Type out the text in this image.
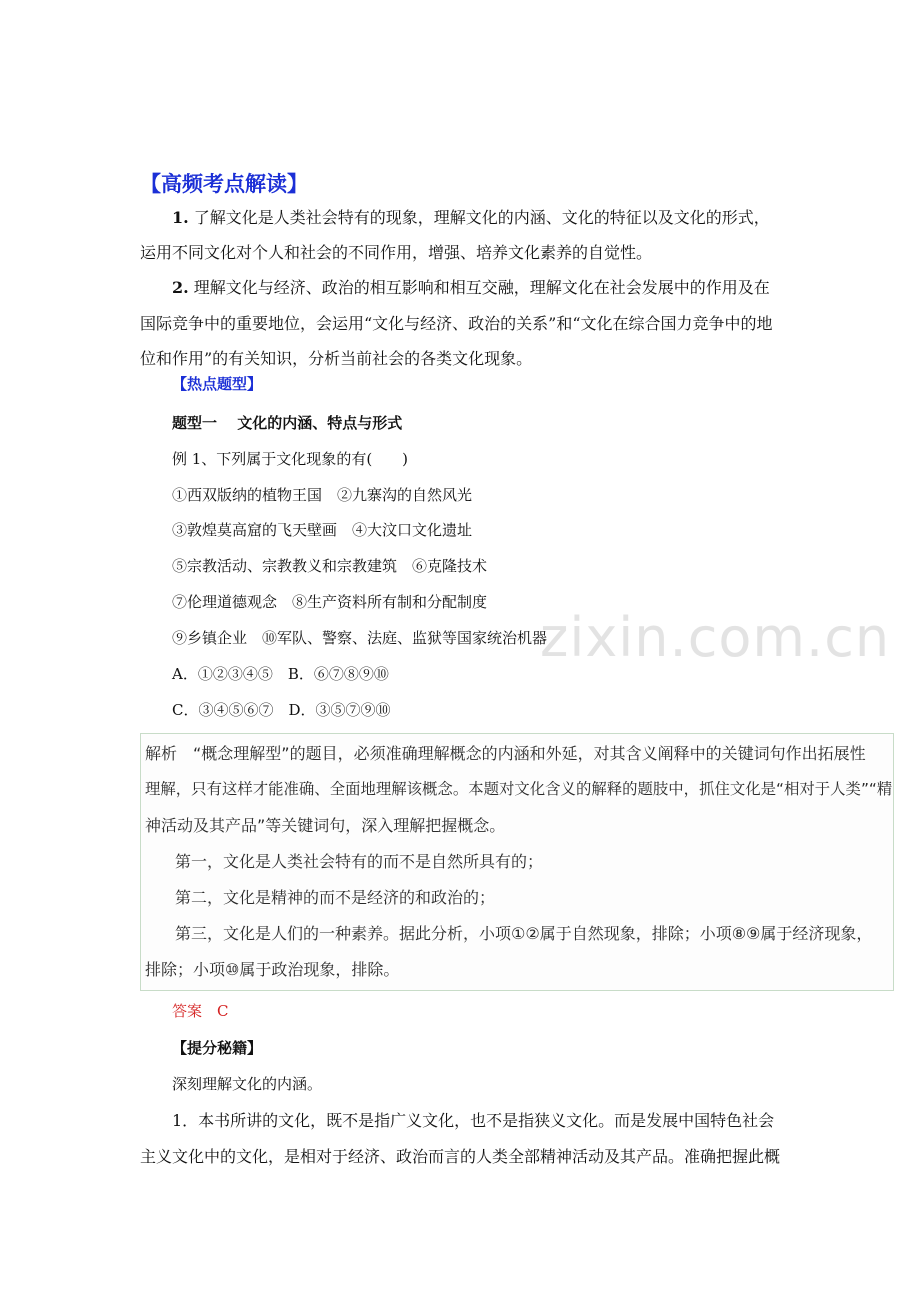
【高频考点解读】
1. 了解文化是人类社会特有的现象，理解文化的内涵、文化的特征以及文化的形式，
运用不同文化对个人和社会的不同作用，增强、培养文化素养的自觉性。
2. 理解文化与经济、政治的相互影响和相互交融，理解文化在社会发展中的作用及在
国际竞争中的重要地位，会运用“文化与经济、政治的关系”和“文化在综合国力竞争中的地
位和作用”的有关知识，分析当前社会的各类文化现象。
【热点题型】
题型一　 文化的内涵、特点与形式
例 1、下列属于文化现象的有(　　)
①西双版纳的植物王国　②九寨沟的自然风光
③敦煌莫高窟的飞天壁画　④大汶口文化遗址
⑤宗教活动、宗教教义和宗教建筑　⑥克隆技术
⑦伦理道德观念　⑧生产资料所有制和分配制度
zixin.com.cn
⑨乡镇企业　⑩军队、警察、法庭、监狱等国家统治机器
A．①②③④⑤　B．⑥⑦⑧⑨⑩
C．③④⑤⑥⑦　D．③⑤⑦⑨⑩
解析　“概念理解型”的题目，必须准确理解概念的内涵和外延，对其含义阐释中的关键词句作出拓展性
理解，只有这样才能准确、全面地理解该概念。本题对文化含义的解释的题肢中，抓住文化是“相对于人类”“精
神活动及其产品”等关键词句，深入理解把握概念。
第一，文化是人类社会特有的而不是自然所具有的；
第二，文化是精神的而不是经济的和政治的；
第三，文化是人们的一种素养。据此分析，小项①②属于自然现象，排除；小项⑧⑨属于经济现象，
排除；小项⑩属于政治现象，排除。
答案　C
【提分秘籍】
深刻理解文化的内涵。
1．本书所讲的文化，既不是指广义文化，也不是指狭义文化。而是发展中国特色社会
主义文化中的文化，是相对于经济、政治而言的人类全部精神活动及其产品。准确把握此概
